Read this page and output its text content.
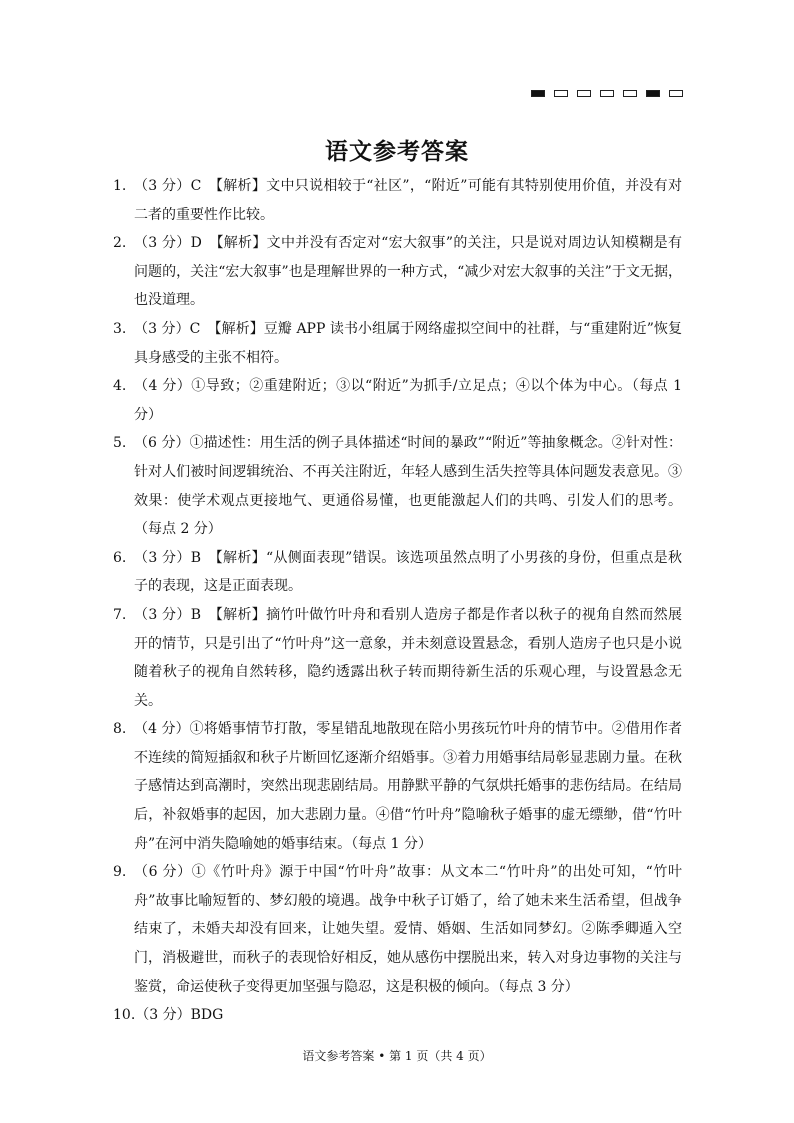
语文参考答案
1. （3 分）C　【解析】文中只说相较于“社区”，“附近”可能有其特别使用价值，并没有对二者的重要性作比较。
2. （3 分）D　【解析】文中并没有否定对“宏大叙事”的关注，只是说对周边认知模糊是有问题的，关注“宏大叙事”也是理解世界的一种方式，“减少对宏大叙事的关注”于文无据，也没道理。
3. （3 分）C　【解析】豆瓣 APP 读书小组属于网络虚拟空间中的社群，与“重建附近”恢复具身感受的主张不相符。
4. （4 分）①导致；②重建附近；③以“附近”为抓手/立足点；④以个体为中心。（每点 1 分）
5. （6 分）①描述性：用生活的例子具体描述“时间的暴政”“附近”等抽象概念。②针对性：针对人们被时间逻辑统治、不再关注附近，年轻人感到生活失控等具体问题发表意见。③效果：使学术观点更接地气、更通俗易懂，也更能激起人们的共鸣、引发人们的思考。（每点 2 分）
6. （3 分）B　【解析】“从侧面表现”错误。该选项虽然点明了小男孩的身份，但重点是秋子的表现，这是正面表现。
7. （3 分）B　【解析】摘竹叶做竹叶舟和看别人造房子都是作者以秋子的视角自然而然展开的情节，只是引出了“竹叶舟”这一意象，并未刻意设置悬念，看别人造房子也只是小说随着秋子的视角自然转移，隐约透露出秋子转而期待新生活的乐观心理，与设置悬念无关。
8. （4 分）①将婚事情节打散，零星错乱地散现在陪小男孩玩竹叶舟的情节中。②借用作者不连续的简短插叙和秋子片断回忆逐渐介绍婚事。③着力用婚事结局彰显悲剧力量。在秋子感情达到高潮时，突然出现悲剧结局。用静默平静的气氛烘托婚事的悲伤结局。在结局后，补叙婚事的起因，加大悲剧力量。④借“竹叶舟”隐喻秋子婚事的虚无缥缈，借“竹叶舟”在河中消失隐喻她的婚事结束。（每点 1 分）
9. （6 分）①《竹叶舟》源于中国“竹叶舟”故事：从文本二“竹叶舟”的出处可知，“竹叶舟”故事比喻短暂的、梦幻般的境遇。战争中秋子订婚了，给了她未来生活希望，但战争结束了，未婚夫却没有回来，让她失望。爱情、婚姻、生活如同梦幻。②陈季卿遁入空门，消极避世，而秋子的表现恰好相反，她从感伤中摆脱出来，转入对身边事物的关注与鉴赏，命运使秋子变得更加坚强与隐忍，这是积极的倾向。（每点 3 分）
10. （3 分）BDG
语文参考答案 • 第 1 页（共 4 页）
